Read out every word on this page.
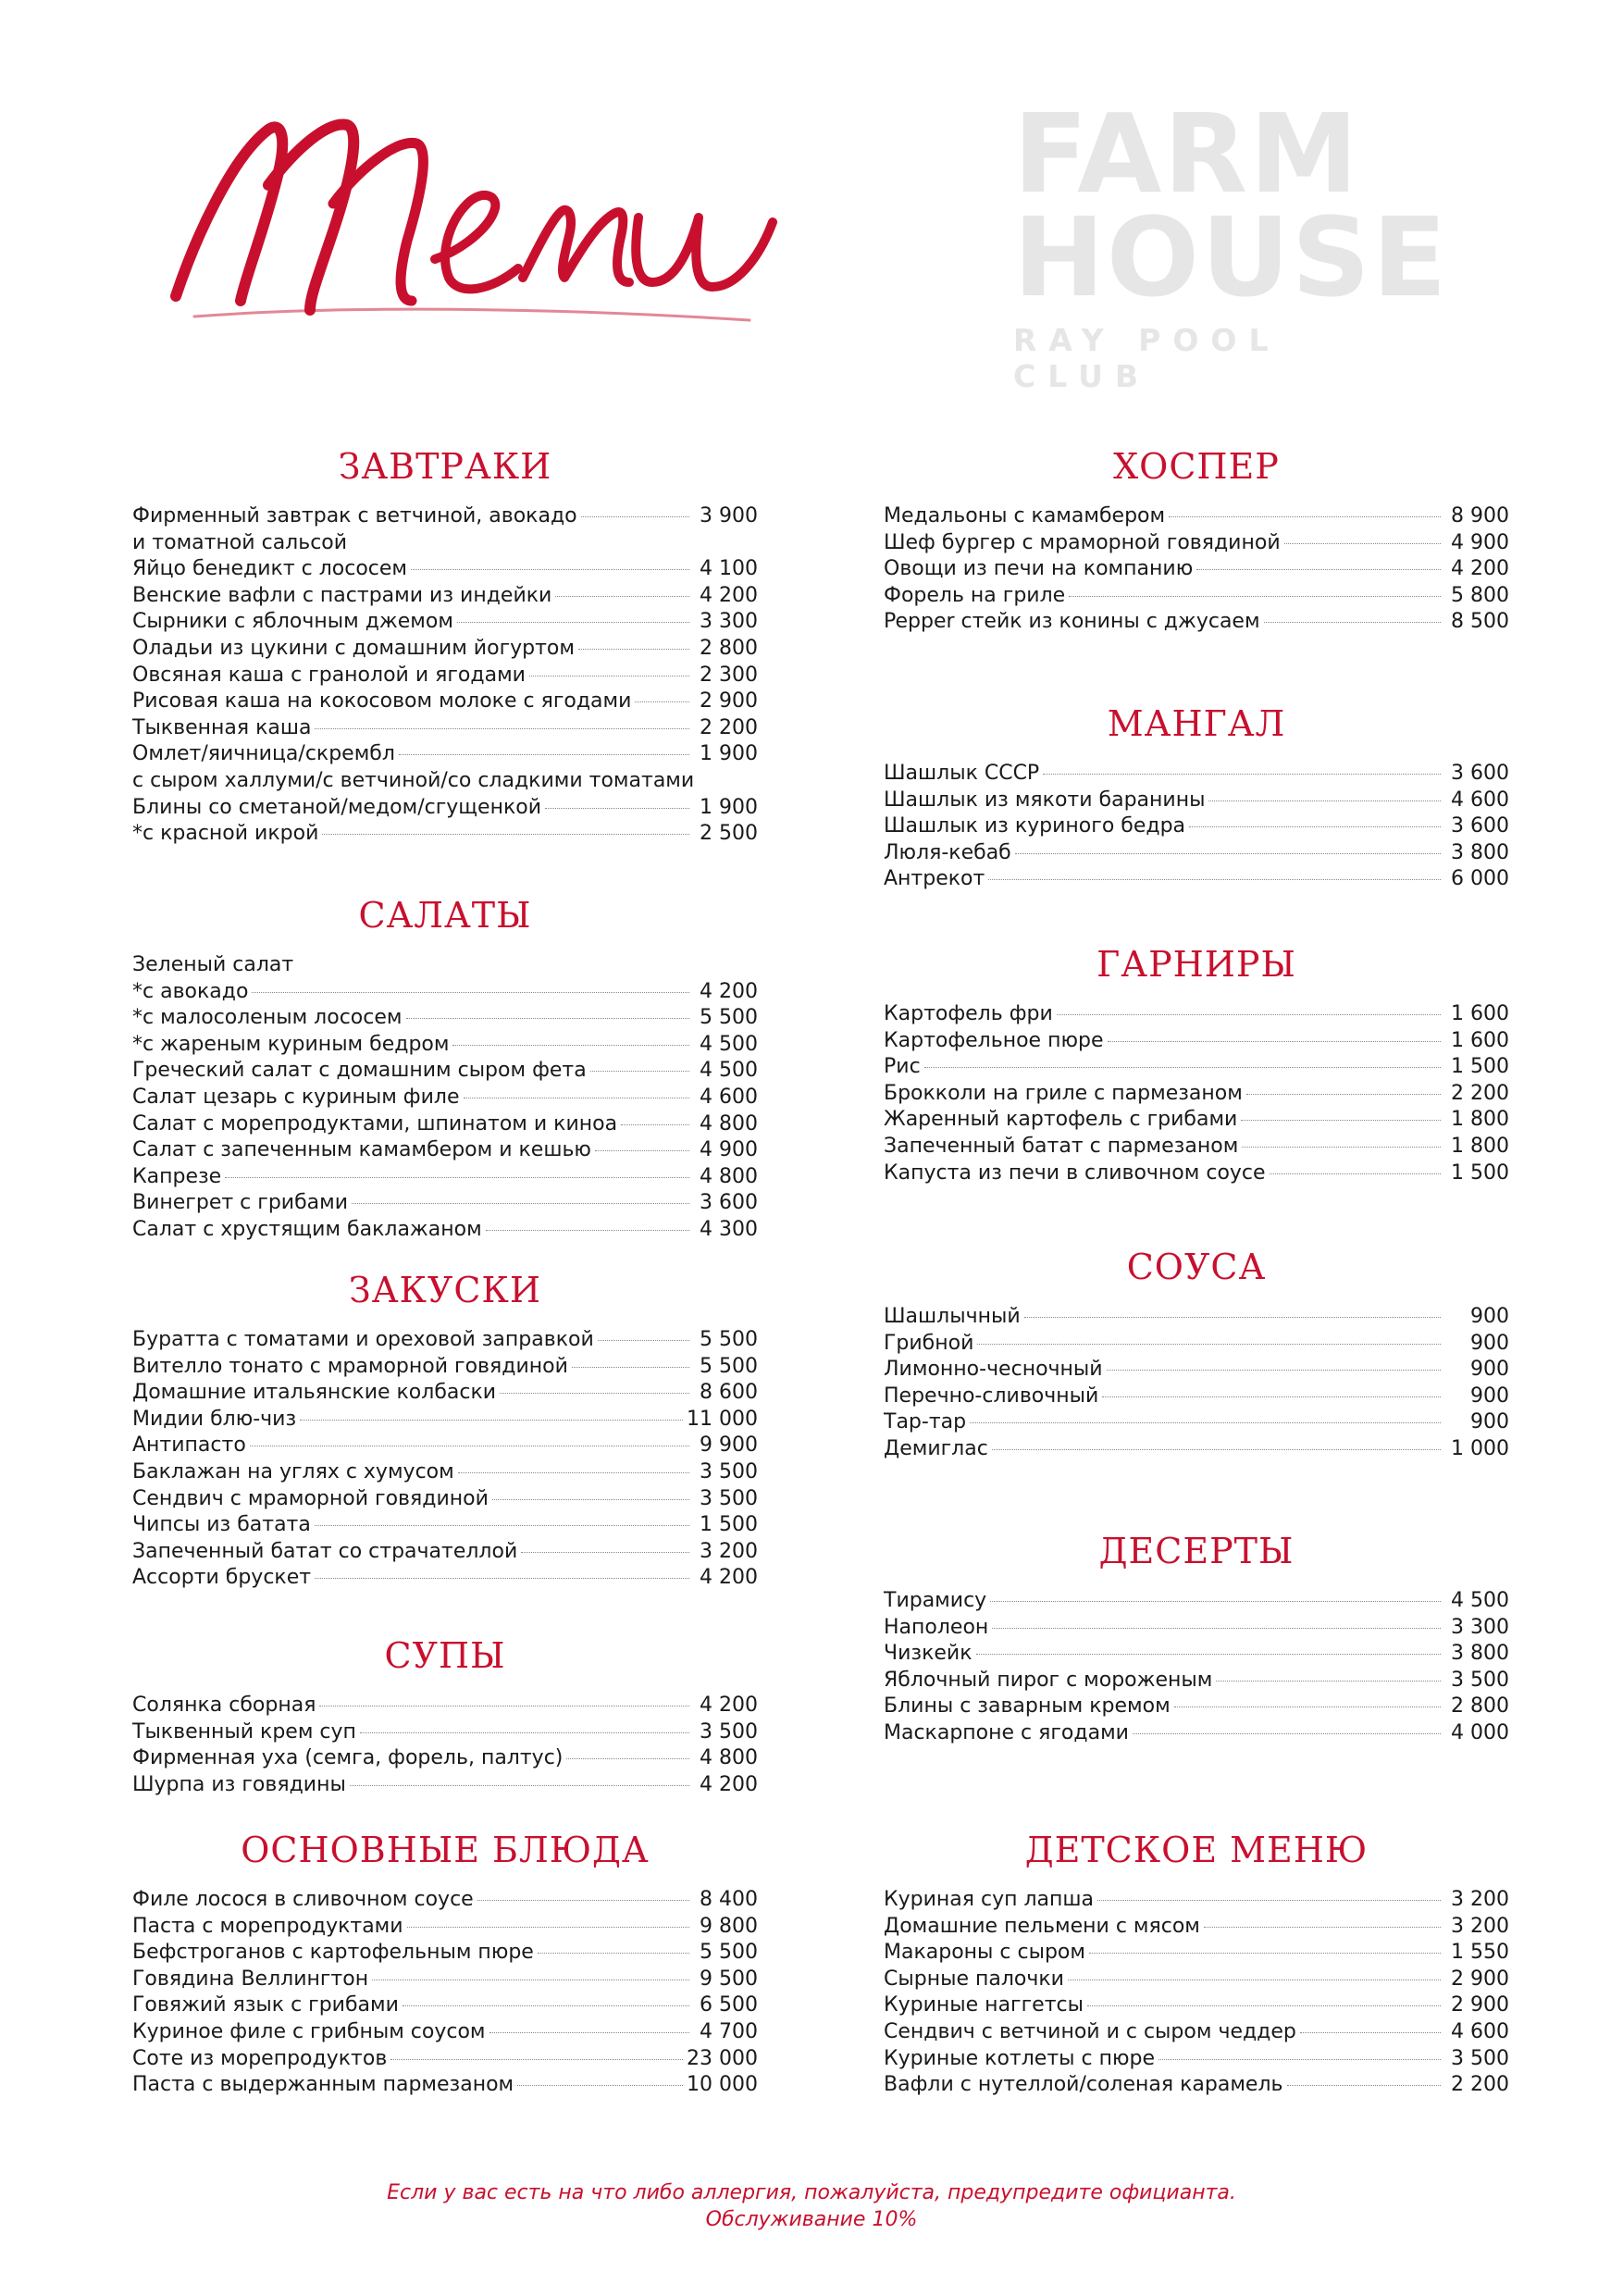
Menu	FARM
HOUSE
RAY POOL CLUB
ЗАВТРАКИ
Фирменный завтрак с ветчиной, авокадо	3 900
и томатной сальсой
Яйцо бенедикт с лососем	4 100
Венские вафли с пастрами из индейки	4 200
Сырники с яблочным джемом	3 300
Оладьи из цукини с домашним йогуртом	2 800
Овсяная каша с гранолой и ягодами	2 300
Рисовая каша на кокосовом молоке с ягодами	2 900
Тыквенная каша	2 200
Омлет/яичница/скрембл	1 900
с сыром халлуми/с ветчиной/со сладкими томатами
Блины со сметаной/медом/сгущенкой	1 900
*с красной икрой	2 500
САЛАТЫ
Зеленый салат
*с авокадо	4 200
*с малосоленым лососем	5 500
*с жареным куриным бедром	4 500
Греческий салат с домашним сыром фета	4 500
Салат цезарь с куриным филе	4 600
Салат с морепродуктами, шпинатом и киноа	4 800
Салат с запеченным камамбером и кешью	4 900
Капрезе	4 800
Винегрет с грибами	3 600
Салат с хрустящим баклажаном	4 300
ЗАКУСКИ
Буратта с томатами и ореховой заправкой	5 500
Вителло тонато с мраморной говядиной	5 500
Домашние итальянские колбаски	8 600
Мидии блю-чиз	11 000
Антипасто	9 900
Баклажан на углях с хумусом	3 500
Сендвич с мраморной говядиной	3 500
Чипсы из батата	1 500
Запеченный батат со страчателлой	3 200
Ассорти брускет	4 200
СУПЫ
Солянка сборная	4 200
Тыквенный крем суп	3 500
Фирменная уха (семга, форель, палтус)	4 800
Шурпа из говядины	4 200
ОСНОВНЫЕ БЛЮДА
Филе лосося в сливочном соусе	8 400
Паста с морепродуктами	9 800
Бефстроганов с картофельным пюре	5 500
Говядина Веллингтон	9 500
Говяжий язык с грибами	6 500
Куриное филе с грибным соусом	4 700
Соте из морепродуктов	23 000
Паста с выдержанным пармезаном	10 000
ХОСПЕР
Медальоны с камамбером	8 900
Шеф бургер с мраморной говядиной	4 900
Овощи из печи на компанию	4 200
Форель на гриле	5 800
Pepper стейк из конины с джусаем	8 500
МАНГАЛ
Шашлык СССР	3 600
Шашлык из мякоти баранины	4 600
Шашлык из куриного бедра	3 600
Люля-кебаб	3 800
Антрекот	6 000
ГАРНИРЫ
Картофель фри	1 600
Картофельное пюре	1 600
Рис	1 500
Брокколи на гриле с пармезаном	2 200
Жаренный картофель с грибами	1 800
Запеченный батат с пармезаном	1 800
Капуста из печи в сливочном соусе	1 500
СОУСА
Шашлычный	900
Грибной	900
Лимонно-чесночный	900
Перечно-сливочный	900
Тар-тар	900
Демиглас	1 000
ДЕСЕРТЫ
Тирамису	4 500
Наполеон	3 300
Чизкейк	3 800
Яблочный пирог с мороженым	3 500
Блины с заварным кремом	2 800
Маскарпоне с ягодами	4 000
ДЕТСКОЕ МЕНЮ
Куриная суп лапша	3 200
Домашние пельмени с мясом	3 200
Макароны с сыром	1 550
Сырные палочки	2 900
Куриные наггетсы	2 900
Сендвич с ветчиной и с сыром чеддер	4 600
Куриные котлеты с пюре	3 500
Вафли с нутеллой/соленая карамель	2 200
Если у вас есть на что либо аллергия, пожалуйста, предупредите официанта.
Обслуживание 10%
